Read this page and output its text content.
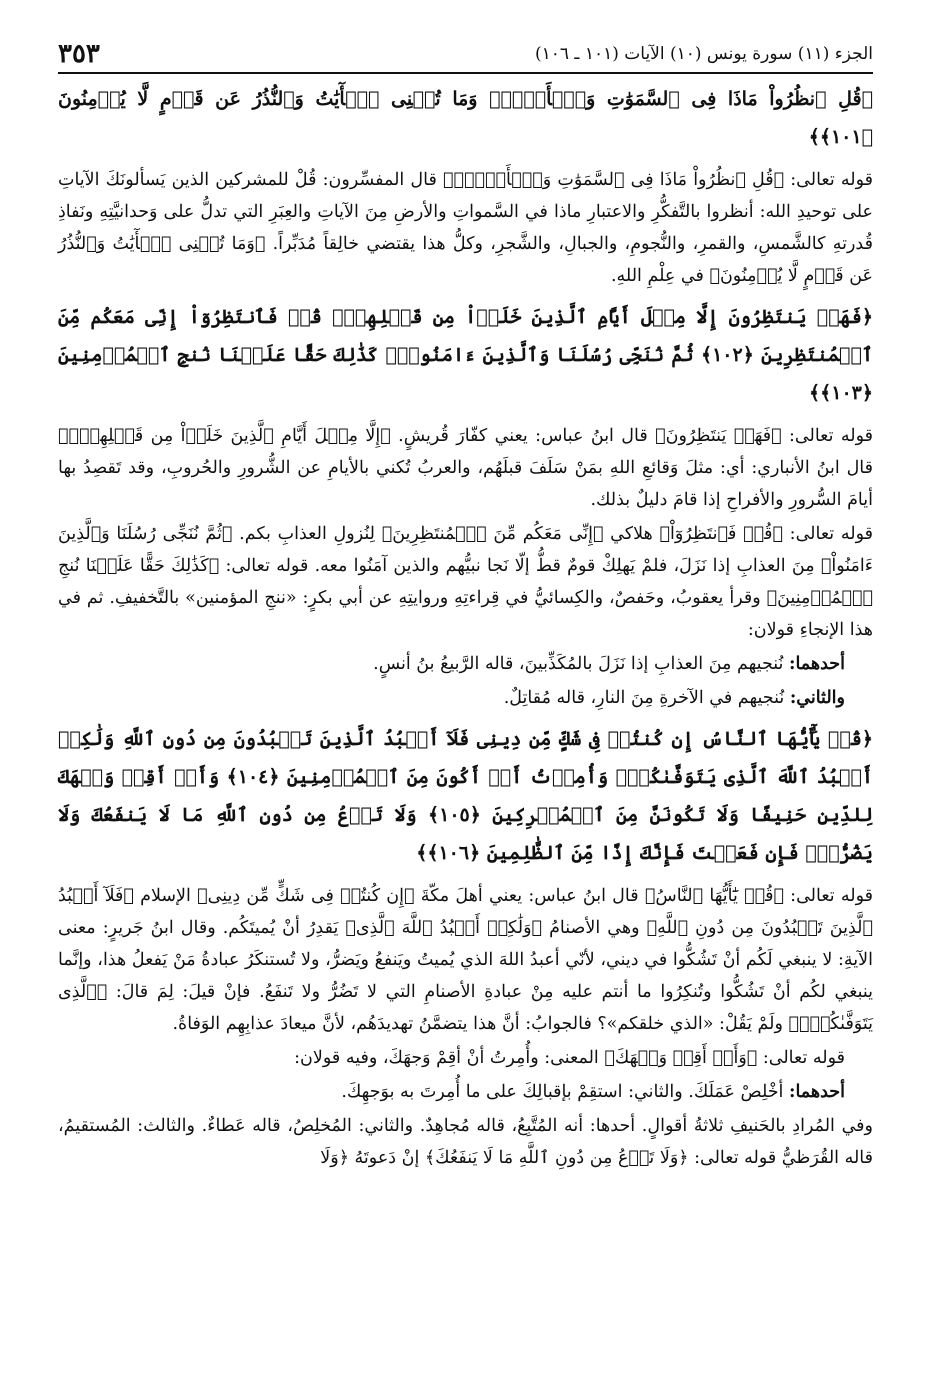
الجزء (١١) سورة يونس (١٠) الآيات (١٠١ ـ ١٠٦)
٣٥٣
﴿قُلِ ٱنظُرُواْ مَاذَا فِى ٱلسَّمَوَٰتِ وَٱلۡأَرۡضِۚ وَمَا تُغۡنِى ٱلۡأٓيَٰتُ وَٱلنُّذُرُ عَن قَوۡمٍ لَّا يُؤۡمِنُونَ ﴿١٠١﴾﴾

قوله تعالى: ﴿قُلِ ٱنظُرُواْ مَاذَا فِى ٱلسَّمَوَٰتِ وَٱلۡأَرۡضِۚ﴾ قال المفسِّرون: قُلْ للمشركين الذين يَسألونَكَ الآياتِ على توحيدِ الله: أنظروا بالتَّفكُّرِ والاعتبارِ ماذا في السَّمواتِ والأرضِ مِنَ الآياتِ والعِبَرِ التي تدلُّ على وَحدانيَّتِهِ ونَفاذِ قُدرتهِ كالشَّمسِ، والقمرِ، والنُّجومِ، والجبالِ، والشَّجرِ، وكلُّ هذا يقتضي خالِقاً مُدَبِّراً. ﴿وَمَا تُغۡنِى ٱلۡأٓيَٰتُ وَٱلنُّذُرُ عَن قَوۡمٍ لَّا يُؤۡمِنُونَ﴾ في عِلْمِ اللهِ.

﴿فَهَلۡ يَنتَظِرُونَ إِلَّا مِثۡلَ أَيَّامِ ٱلَّذِينَ خَلَوۡاْ مِن قَبۡلِهِمۡۚ قُلۡ فَٱنتَظِرُوٓاْ إِنِّى مَعَكُم مِّنَ ٱلۡمُنتَظِرِينَ ﴿١٠٢﴾ ثُمَّ نُنَجِّى رُسُلَنَا وَٱلَّذِينَ ءَامَنُواْۚ كَذَٰلِكَ حَقًّا عَلَيۡنَا نُنجِ ٱلۡمُؤۡمِنِينَ ﴿١٠٣﴾﴾

قوله تعالى: ﴿فَهَلۡ يَنتَظِرُونَ﴾ قال ابنُ عباس: يعني كفّارَ قُريشٍ. ﴿إِلَّا مِثۡلَ أَيَّامِ ٱلَّذِينَ خَلَوۡاْ مِن قَبۡلِهِمۡۚ﴾ قال ابنُ الأنباري: أي: مثلَ وَقائعِ اللهِ بمَنْ سَلَفَ قبلَهُم، والعربُ تُكني بالأيامِ عن الشُّرورِ والحُروبِ، وقد تَقصِدُ بها أيامَ السُّرورِ والأفراحِ إذا قامَ دليلٌ بذلك.

قوله تعالى: ﴿قُلۡ فَٱنتَظِرُوٓاْ﴾ هلاكي ﴿إِنِّى مَعَكُم مِّنَ ٱلۡمُنتَظِرِينَ﴾ لِنُزولِ العذابِ بكم. ﴿ثُمَّ نُنَجِّى رُسُلَنَا وَٱلَّذِينَ ءَامَنُواْ﴾ مِنَ العذابِ إذا نَزَلَ، فلمْ يَهلِكْ قومٌ قطُّ إلّا نَجا نبيُّهم والذين آمَنُوا معه. قوله تعالى: ﴿كَذَٰلِكَ حَقًّا عَلَيۡنَا نُنجِ ٱلۡمُؤۡمِنِينَ﴾ وقرأ يعقوبُ، وحَفصٌ، والكِسائيُّ في قِراءتِهِ وروايتِهِ عن أبي بكرٍ: «ننجِ المؤمنين» بالتَّخفيفِ. ثم في هذا الإنجاءِ قولان:

أحدهما: نُنجيهم مِنَ العذابِ إذا نَزَلَ بالمُكَذِّبينَ، قاله الرَّبيعُ بنُ أنسٍ.

والثاني: نُنجيهم في الآخرةِ مِنَ النارِ، قاله مُقاتِلٌ.

﴿قُلۡ يَٰٓأَيُّهَا ٱلنَّاسُ إِن كُنتُمۡ فِى شَكٍّ مِّن دِينِى فَلَآ أَعۡبُدُ ٱلَّذِينَ تَعۡبُدُونَ مِن دُونِ ٱللَّهِ وَلَٰكِنۡ أَعۡبُدُ ٱللَّهَ ٱلَّذِى يَتَوَفَّىٰكُمۡۖ وَأُمِرۡتُ أَنۡ أَكُونَ مِنَ ٱلۡمُؤۡمِنِينَ ﴿١٠٤﴾ وَأَنۡ أَقِمۡ وَجۡهَكَ لِلدِّينِ حَنِيفًا وَلَا تَكُونَنَّ مِنَ ٱلۡمُشۡرِكِينَ ﴿١٠٥﴾ وَلَا تَدۡعُ مِن دُونِ ٱللَّهِ مَا لَا يَنفَعُكَ وَلَا يَضُرُّكَۖ فَإِن فَعَلۡتَ فَإِنَّكَ إِذًا مِّنَ ٱلظَّٰلِمِينَ ﴿١٠٦﴾﴾

قوله تعالى: ﴿قُلۡ يَٰٓأَيُّهَا ٱلنَّاسُ﴾ قال ابنُ عباس: يعني أهلَ مكّةَ ﴿إِن كُنتُمۡ فِى شَكٍّ مِّن دِينِى﴾ الإسلام ﴿فَلَآ أَعۡبُدُ ٱلَّذِينَ تَعۡبُدُونَ مِن دُونِ ٱللَّهِ﴾ وهي الأصنامُ ﴿وَلَٰكِنۡ أَعۡبُدُ ٱللَّهَ ٱلَّذِى﴾ يَقدِرُ أنْ يُميتَكُم. وقال ابنُ جَريرٍ: معنى الآيةِ: لا ينبغي لَكُم أنْ تَشُكُّوا في ديني، لأنّي أعبدُ اللهَ الذي يُميتُ ويَنفعُ ويَضرُّ، ولا تُستنكَرُ عبادةُ مَنْ يَفعلُ هذا، وإنَّما ينبغي لكُم أنْ تَشُكُّوا وتُنكِرُوا ما أنتم عليه مِنْ عبادةِ الأصنامِ التي لا تَضُرُّ ولا تَنفَعُ. فإنْ قيلَ: لِمَ قالَ: ﴿ٱلَّذِى يَتَوَفَّىٰكُمۡۖ﴾ ولَمْ يَقُلْ: «الذي خلقكم»؟ فالجوابُ: أنَّ هذا يتضمَّنُ تهديدَهُم، لأنَّ ميعادَ عذابِهِم الوَفاةُ.

قوله تعالى: ﴿وَأَنۡ أَقِمۡ وَجۡهَكَ﴾ المعنى: وأُمِرتُ أنْ أقِمْ وَجهَكَ، وفيه قولان:

أحدهما: أخْلِصْ عَمَلَكَ. والثاني: استقِمْ بإقبالِكَ على ما أُمِرتَ به بوَجهِكَ.

وفي المُرادِ بالحَنيفِ ثلاثةُ أقوالٍ. أحدها: أنه المُتَّبِعُ، قاله مُجاهِدٌ. والثاني: المُخلِصُ، قاله عَطاءٌ. والثالث: المُستقيمُ، قاله القُرَظيُّ قوله تعالى: ﴿وَلَا تَدۡعُ مِن دُونِ ٱللَّهِ مَا لَا يَنفَعُكَ﴾ إنْ دَعوتَهُ ﴿وَلَا
